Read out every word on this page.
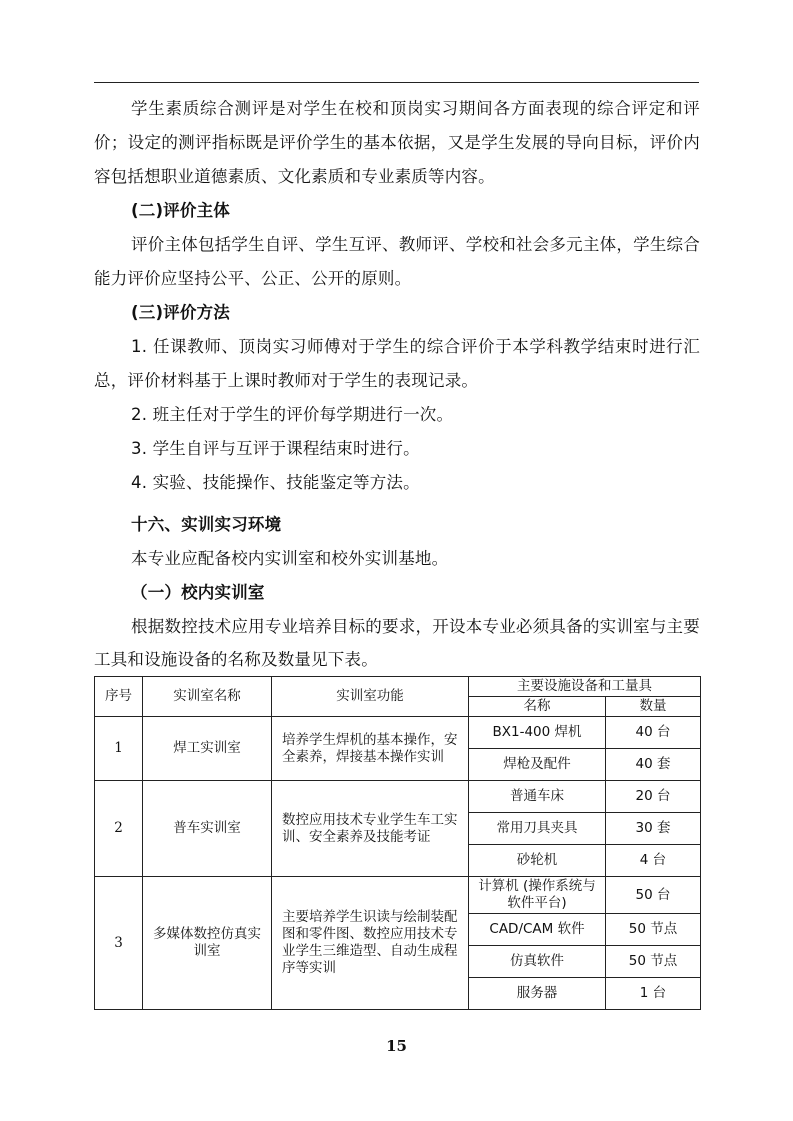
学生素质综合测评是对学生在校和顶岗实习期间各方面表现的综合评定和评价；设定的测评指标既是评价学生的基本依据，又是学生发展的导向目标，评价内容包括想职业道德素质、文化素质和专业素质等内容。

(二)评价主体

评价主体包括学生自评、学生互评、教师评、学校和社会多元主体，学生综合能力评价应坚持公平、公正、公开的原则。

(三)评价方法

1. 任课教师、顶岗实习师傅对于学生的综合评价于本学科教学结束时进行汇总，评价材料基于上课时教师对于学生的表现记录。

2. 班主任对于学生的评价每学期进行一次。

3. 学生自评与互评于课程结束时进行。

4. 实验、技能操作、技能鉴定等方法。

十六、实训实习环境

本专业应配备校内实训室和校外实训基地。

（一）校内实训室

根据数控技术应用专业培养目标的要求，开设本专业必须具备的实训室与主要工具和设施设备的名称及数量见下表。

序号	实训室名称	实训室功能	主要设施设备和工量具	
			名称	数量
1	焊工实训室	培养学生焊机的基本操作，安全素养，焊接基本操作实训	BX1-400 焊机	40 台
			焊枪及配件	40 套
2	普车实训室	数控应用技术专业学生车工实训、安全素养及技能考证	普通车床	20 台
			常用刀具夹具	30 套
			砂轮机	4 台
3	多媒体数控仿真实训室	主要培养学生识读与绘制装配图和零件图、数控应用技术专业学生三维造型、自动生成程序等实训	计算机 (操作系统与软件平台)	50 台
			CAD/CAM 软件	50 节点
			仿真软件	50 节点
			服务器	1 台
15
